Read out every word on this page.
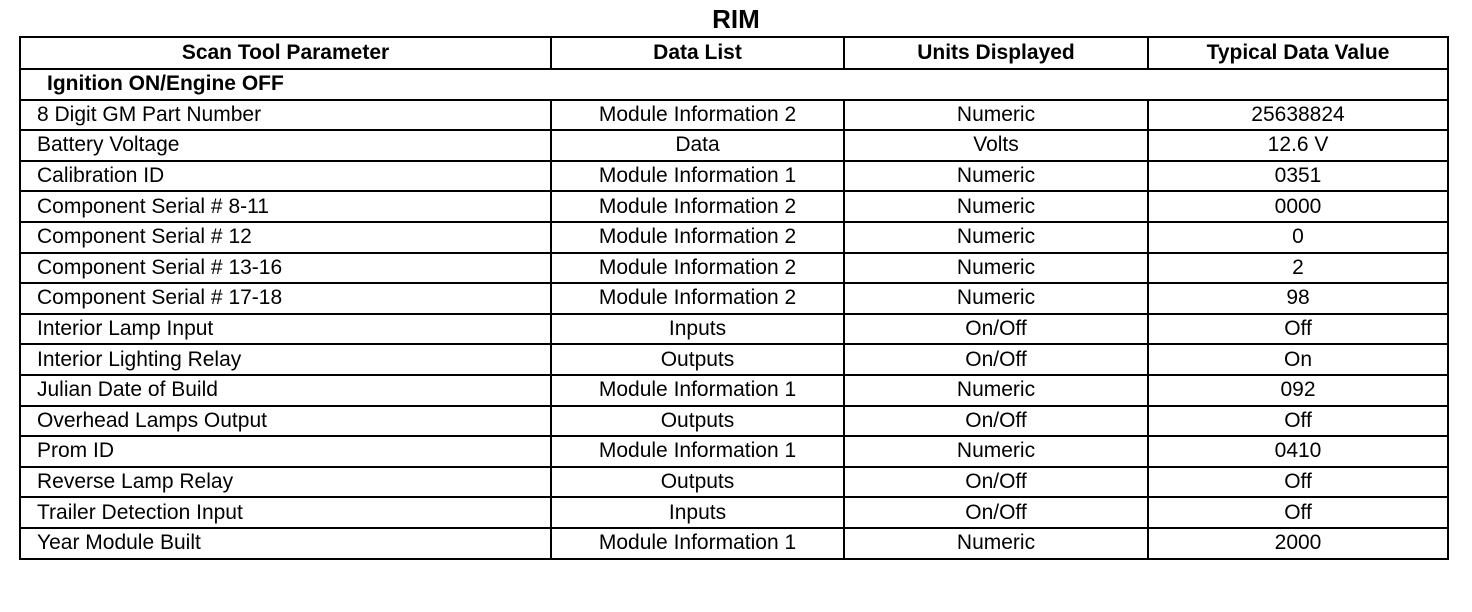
RIM
Scan Tool Parameter	Data List	Units Displayed	Typical Data Value
Ignition ON/Engine OFF			
8 Digit GM Part Number	Module Information 2	Numeric	25638824
Battery Voltage	Data	Volts	12.6 V
Calibration ID	Module Information 1	Numeric	0351
Component Serial # 8-11	Module Information 2	Numeric	0000
Component Serial # 12	Module Information 2	Numeric	0
Component Serial # 13-16	Module Information 2	Numeric	2
Component Serial # 17-18	Module Information 2	Numeric	98
Interior Lamp Input	Inputs	On/Off	Off
Interior Lighting Relay	Outputs	On/Off	On
Julian Date of Build	Module Information 1	Numeric	092
Overhead Lamps Output	Outputs	On/Off	Off
Prom ID	Module Information 1	Numeric	0410
Reverse Lamp Relay	Outputs	On/Off	Off
Trailer Detection Input	Inputs	On/Off	Off
Year Module Built	Module Information 1	Numeric	2000
